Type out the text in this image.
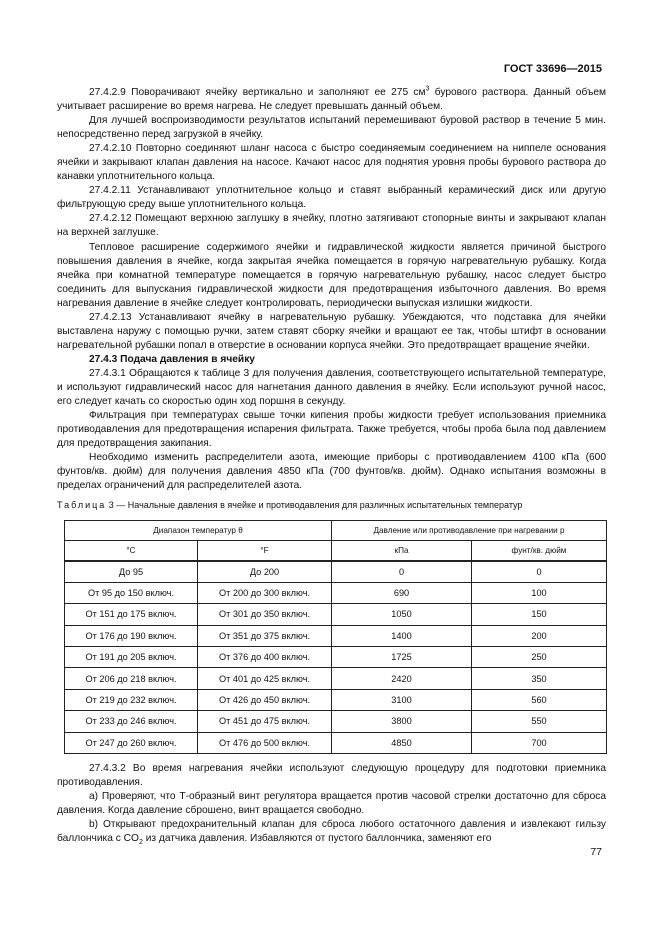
ГОСТ 33696—2015

27.4.2.9 Поворачивают ячейку вертикально и заполняют ее 275 $см^3$ бурового раствора. Данный объем учитывает расширение во время нагрева. Не следует превышать данный объем.

Для лучшей воспроизводимости результатов испытаний перемешивают буровой раствор в течение 5 мин. непосредственно перед загрузкой в ячейку.

27.4.2.10 Повторно соединяют шланг насоса с быстро соединяемым соединением на ниппеле основания ячейки и закрывают клапан давления на насосе. Качают насос для поднятия уровня пробы бурового раствора до канавки уплотнительного кольца.

27.4.2.11 Устанавливают уплотнительное кольцо и ставят выбранный керамический диск или другую фильтрующую среду выше уплотнительного кольца.

27.4.2.12 Помещают верхнюю заглушку в ячейку, плотно затягивают стопорные винты и закрывают клапан на верхней заглушке.

Тепловое расширение содержимого ячейки и гидравлической жидкости является причиной быстрого повышения давления в ячейке, когда закрытая ячейка помещается в горячую нагревательную рубашку. Когда ячейка при комнатной температуре помещается в горячую нагревательную рубашку, насос следует быстро соединить для выпускания гидравлической жидкости для предотвращения избыточного давления. Во время нагревания давление в ячейке следует контролировать, периодически выпуская излишки жидкости.

27.4.2.13 Устанавливают ячейку в нагревательную рубашку. Убеждаются, что подставка для ячейки выставлена наружу с помощью ручки, затем ставят сборку ячейки и вращают ее так, чтобы штифт в основании нагревательной рубашки попал в отверстие в основании корпуса ячейки. Это предотвращает вращение ячейки.

27.4.3 Подача давления в ячейку

27.4.3.1 Обращаются к таблице 3 для получения давления, соответствующего испытательной температуре, и используют гидравлический насос для нагнетания данного давления в ячейку. Если используют ручной насос, его следует качать со скоростью один ход поршня в секунду.

Фильтрация при температурах свыше точки кипения пробы жидкости требует использования приемника противодавления для предотвращения испарения фильтрата. Также требуется, чтобы проба была под давлением для предотвращения закипания.

Необходимо изменить распределители азота, имеющие приборы с противодавлением 4100 кПа (600 фунтов/кв. дюйм) для получения давления 4850 кПа (700 фунтов/кв. дюйм). Однако испытания возможны в пределах ограничений для распределителей азота.

Таблица 3 — Начальные давления в ячейке и противодавления для различных испытательных температур

Диапазон температур θ		Давление или противодавление при нагревании p	
°C	°F	кПа	фунт/кв. дюйм
До 95	До 200	0	0
От 95 до 150 включ.	От 200 до 300 включ.	690	100
От 151 до 175 включ.	От 301 до 350 включ.	1050	150
От 176 до 190 включ.	От 351 до 375 включ.	1400	200
От 191 до 205 включ.	От 376 до 400 включ.	1725	250
От 206 до 218 включ.	От 401 до 425 включ.	2420	350
От 219 до 232 включ.	От 426 до 450 включ.	3100	560
От 233 до 246 включ.	От 451 до 475 включ.	3800	550
От 247 до 260 включ.	От 476 до 500 включ.	4850	700

27.4.3.2 Во время нагревания ячейки используют следующую процедуру для подготовки приемника противодавления.

а) Проверяют, что Т-образный винт регулятора вращается против часовой стрелки достаточно для сброса давления. Когда давление сброшено, винт вращается свободно.

b) Открывают предохранительный клапан для сброса любого остаточного давления и извлекают гильзу баллончика с $CO_2$ из датчика давления. Избавляются от пустого баллончика, заменяют его

77
